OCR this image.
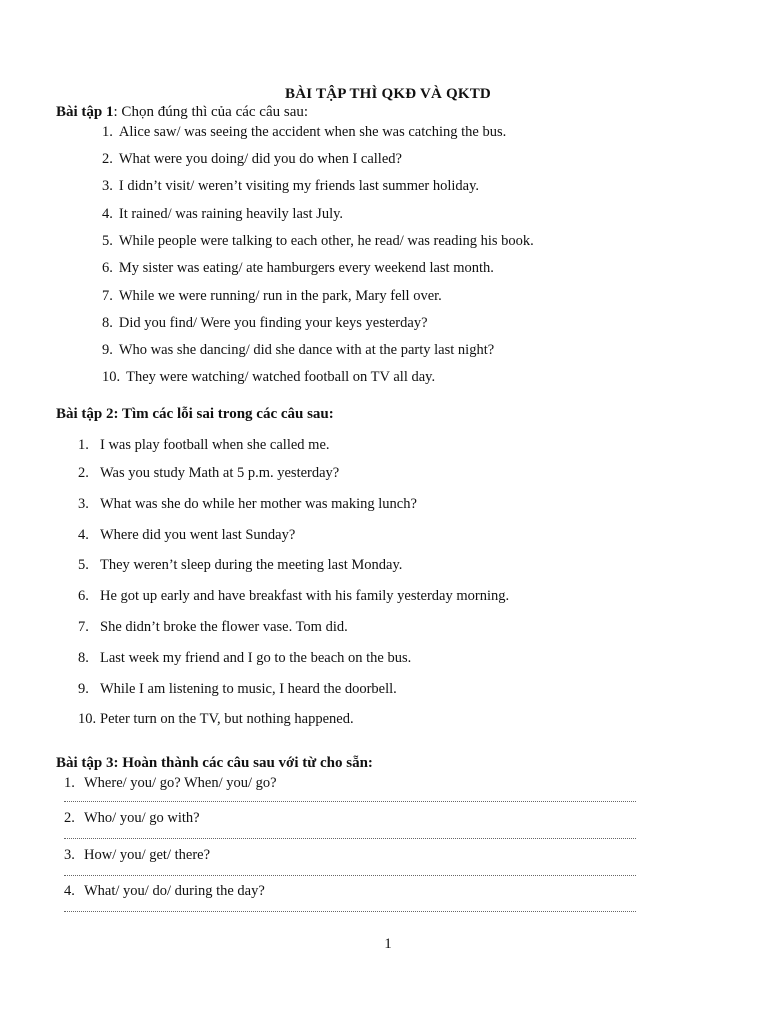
BÀI TẬP THÌ QKĐ VÀ QKTD
Bài tập 1: Chọn đúng thì của các câu sau:
1. Alice saw/ was seeing the accident when she was catching the bus.
2. What were you doing/ did you do when I called?
3. I didn’t visit/ weren’t visiting my friends last summer holiday.
4. It rained/ was raining heavily last July.
5. While people were talking to each other, he read/ was reading his book.
6. My sister was eating/ ate hamburgers every weekend last month.
7. While we were running/ run in the park, Mary fell over.
8. Did you find/ Were you finding your keys yesterday?
9. Who was she dancing/ did she dance with at the party last night?
10. They were watching/ watched football on TV all day.
Bài tập 2: Tìm các lỗi sai trong các câu sau:
1. I was play football when she called me.
2. Was you study Math at 5 p.m. yesterday?
3. What was she do while her mother was making lunch?
4. Where did you went last Sunday?
5. They weren’t sleep during the meeting last Monday.
6. He got up early and have breakfast with his family yesterday morning.
7. She didn’t broke the flower vase. Tom did.
8. Last week my friend and I go to the beach on the bus.
9. While I am listening to music, I heard the doorbell.
10. Peter turn on the TV, but nothing happened.
Bài tập 3: Hoàn thành các câu sau với từ cho sẵn:
1. Where/ you/ go? When/ you/ go?
2. Who/ you/ go with?
3. How/ you/ get/ there?
4. What/ you/ do/ during the day?
1
